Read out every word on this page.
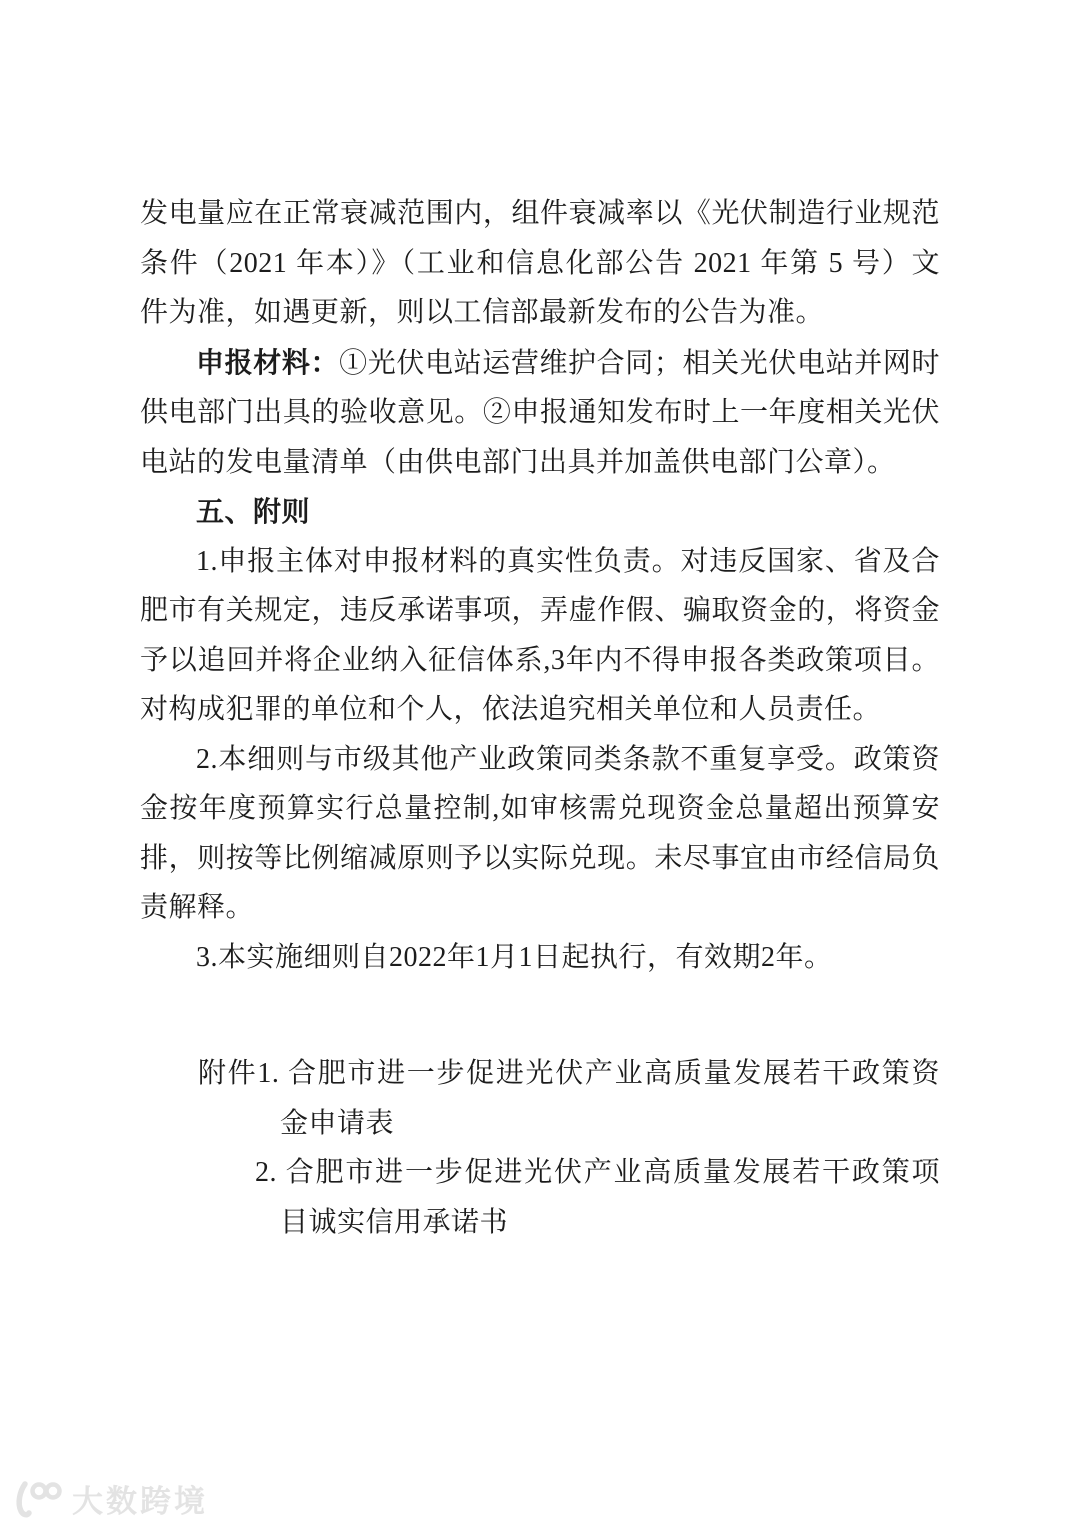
发电量应在正常衰减范围内，组件衰减率以《光伏制造行业规范
条件（2021 年本）》（工业和信息化部公告 2021 年第 5 号）文
件为准，如遇更新，则以工信部最新发布的公告为准。
申报材料：①光伏电站运营维护合同；相关光伏电站并网时
供电部门出具的验收意见。②申报通知发布时上一年度相关光伏
电站的发电量清单（由供电部门出具并加盖供电部门公章）。
五、附则
1.申报主体对申报材料的真实性负责。对违反国家、省及合
肥市有关规定，违反承诺事项，弄虚作假、骗取资金的，将资金
予以追回并将企业纳入征信体系,3年内不得申报各类政策项目。
对构成犯罪的单位和个人，依法追究相关单位和人员责任。
2.本细则与市级其他产业政策同类条款不重复享受。政策资
金按年度预算实行总量控制,如审核需兑现资金总量超出预算安
排，则按等比例缩减原则予以实际兑现。未尽事宜由市经信局负
责解释。
3.本实施细则自2022年1月1日起执行，有效期2年。
附件1. 合肥市进一步促进光伏产业高质量发展若干政策资
金申请表
2. 合肥市进一步促进光伏产业高质量发展若干政策项
目诚实信用承诺书
大数跨境
